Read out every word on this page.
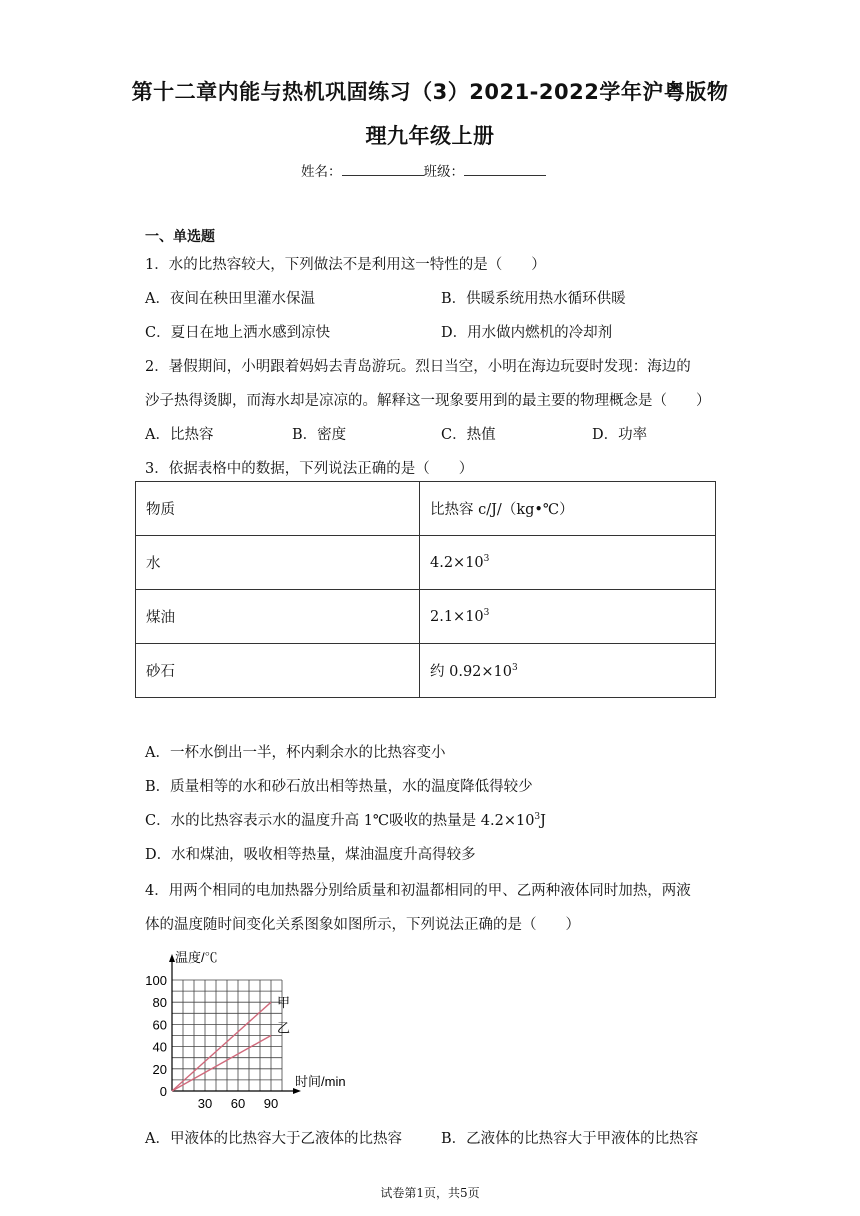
第十二章内能与热机巩固练习（3）2021-2022学年沪粤版物
理九年级上册
姓名：	班级：
一、单选题
1．水的比热容较大，下列做法不是利用这一特性的是（　　）
A．夜间在秧田里灌水保温	B．供暖系统用热水循环供暖
C．夏日在地上洒水感到凉快	D．用水做内燃机的冷却剂
2．暑假期间，小明跟着妈妈去青岛游玩。烈日当空，小明在海边玩耍时发现：海边的
沙子热得烫脚，而海水却是凉凉的。解释这一现象要用到的最主要的物理概念是（　　）
A．比热容	B．密度	C．热值	D．功率
3．依据表格中的数据，下列说法正确的是（　　）
物质	比热容 c/J/（kg•℃）
水	$4.2\times 10^3$
煤油	$2.1\times 10^3$
砂石	约 $0.92\times 10^3$
A．一杯水倒出一半，杯内剩余水的比热容变小
B．质量相等的水和砂石放出相等热量，水的温度降低得较少
C．水的比热容表示水的温度升高 1℃吸收的热量是 $4.2\times 10^3J$
D．水和煤油，吸收相等热量，煤油温度升高得较多
4．用两个相同的电加热器分别给质量和初温都相同的甲、乙两种液体同时加热，两液
体的温度随时间变化关系图象如图所示，下列说法正确的是（　　）
温度/℃
时间/min
100
80
60
40
20
0
30 60 90
甲
乙
A．甲液体的比热容大于乙液体的比热容	B．乙液体的比热容大于甲液体的比热容
试卷第1页，共5页
